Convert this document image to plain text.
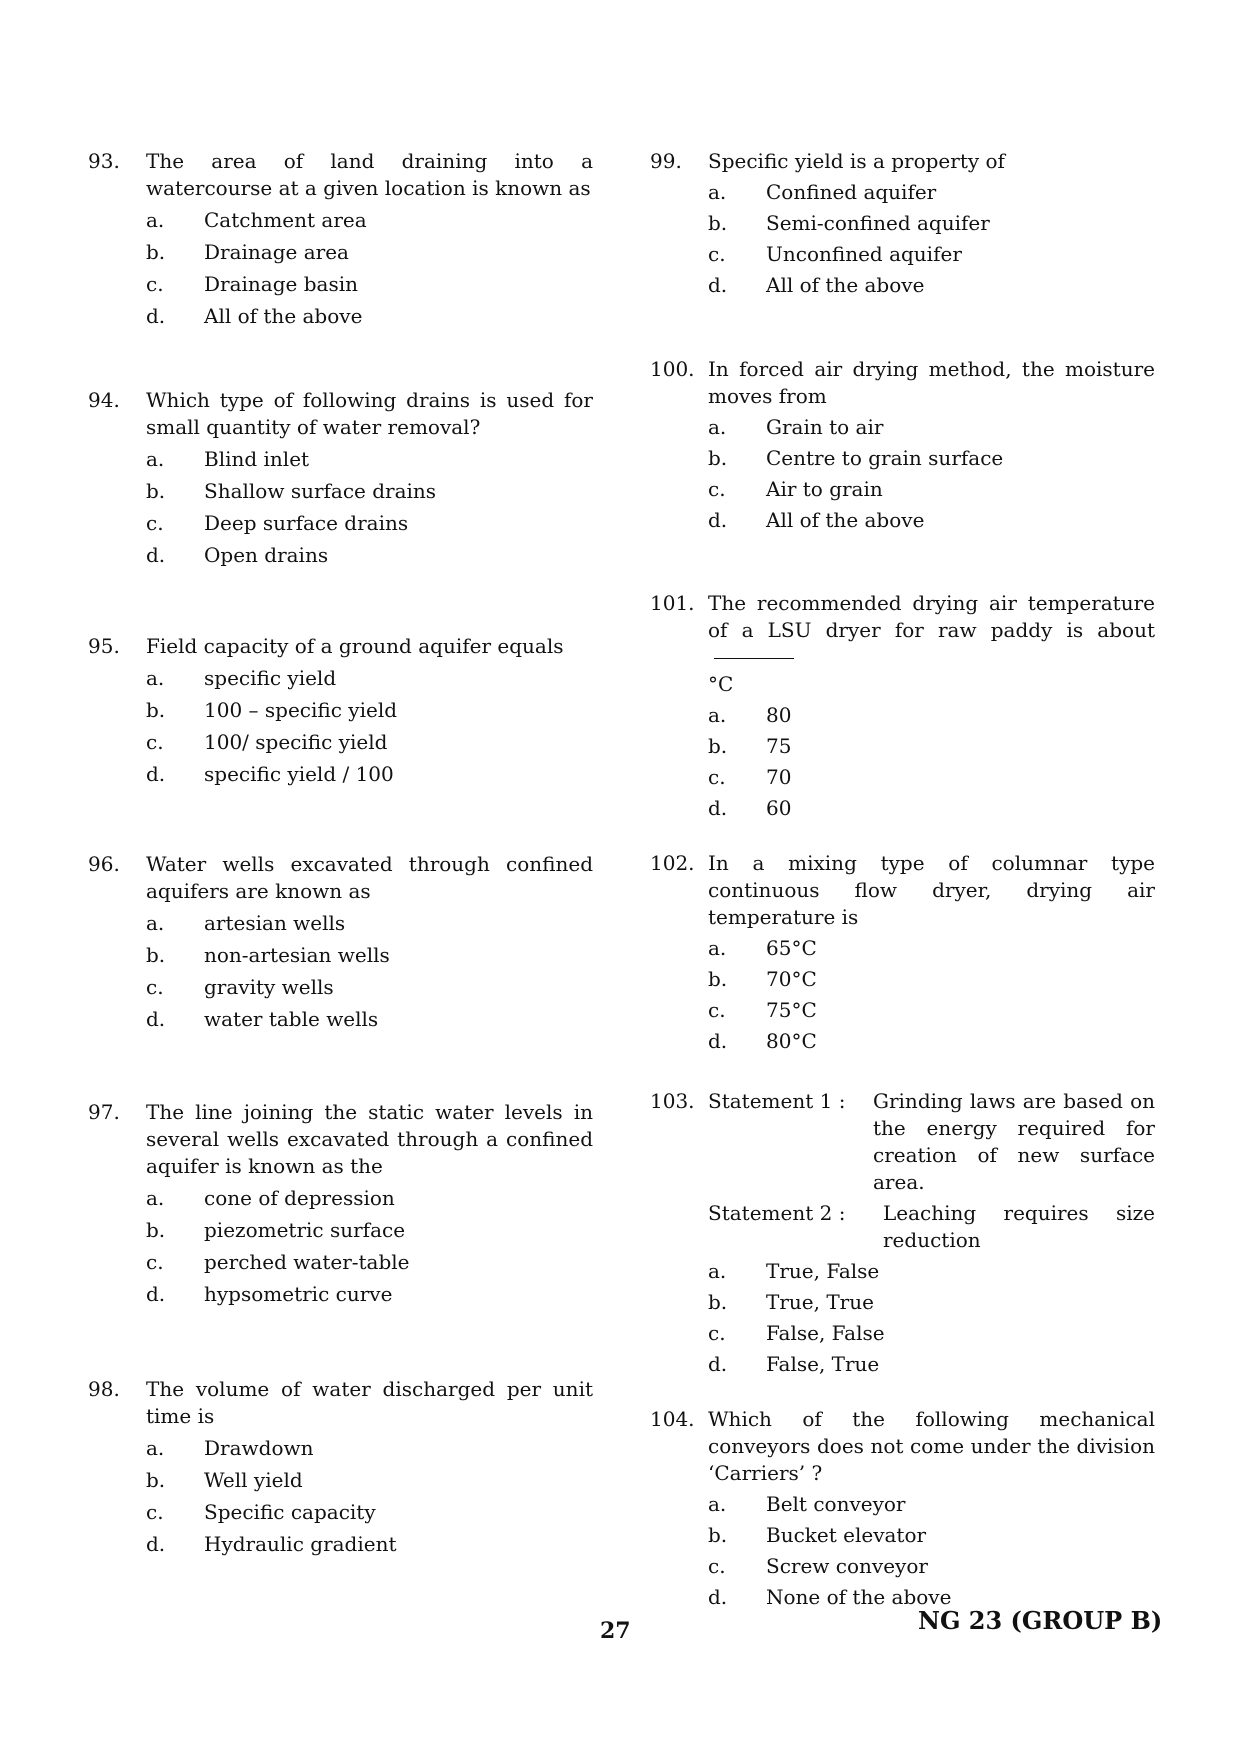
93.	The area of land draining into a watercourse at a given location is known as
a.	Catchment area
b.	Drainage area
c.	Drainage basin
d.	All of the above
94.	Which type of following drains is used for small quantity of water removal?
a.	Blind inlet
b.	Shallow surface drains
c.	Deep surface drains
d.	Open drains
95.	Field capacity of a ground aquifer equals
a.	specific yield
b.	100 – specific yield
c.	100/ specific yield
d.	specific yield / 100
96.	Water wells excavated through confined aquifers are known as
a.	artesian wells
b.	non-artesian wells
c.	gravity wells
d.	water table wells
97.	The line joining the static water levels in several wells excavated through a confined aquifer is known as the
a.	cone of depression
b.	piezometric surface
c.	perched water-table
d.	hypsometric curve
98.	The volume of water discharged per unit time is
a.	Drawdown
b.	Well yield
c.	Specific capacity
d.	Hydraulic gradient
99.	Specific yield is a property of
a.	Confined aquifer
b.	Semi-confined aquifer
c.	Unconfined aquifer
d.	All of the above
100. In forced air drying method, the moisture moves from
a.	Grain to air
b.	Centre to grain surface
c.	Air to grain
d.	All of the above
101. The recommended drying air temperature of a LSU dryer for raw paddy is about
°C
a.	80
b.	75
c.	70
d.	60
102. In a mixing type of columnar type continuous flow dryer, drying air temperature is
a.	65°C
b.	70°C
c.	75°C
d.	80°C
103. Statement 1 :	Grinding laws are based on the energy required for creation of new surface area.
Statement 2 :	Leaching requires size reduction
a.	True, False
b.	True, True
c.	False, False
d.	False, True
104. Which of the following mechanical conveyors does not come under the division ‘Carriers’ ?
a.	Belt conveyor
b.	Bucket elevator
c.	Screw conveyor
d.	None of the above
27	NG 23 (GROUP B)
